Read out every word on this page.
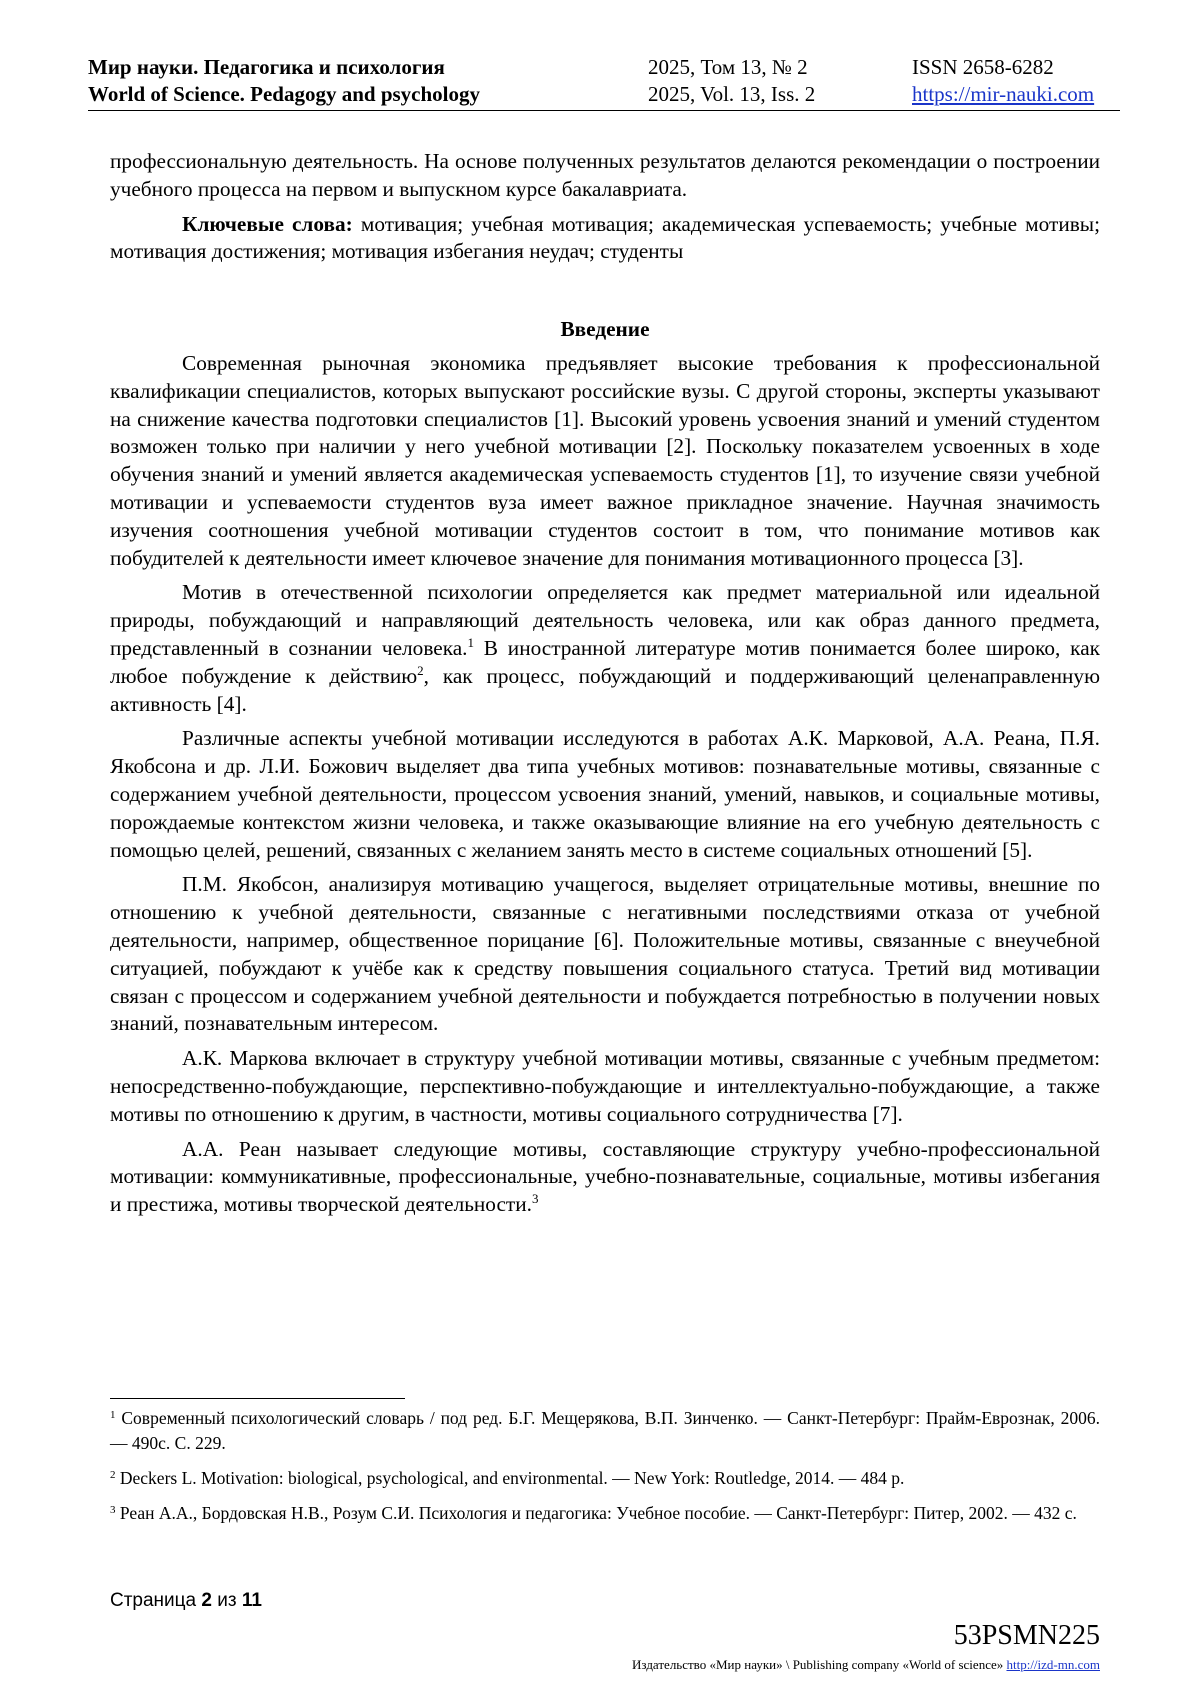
Мир науки. Педагогика и психология
World of Science. Pedagogy and psychology
2025, Том 13, № 2
2025, Vol. 13, Iss. 2
ISSN 2658-6282
https://mir-nauki.com

профессиональную деятельность. На основе полученных результатов делаются рекомендации о построении учебного процесса на первом и выпускном курсе бакалавриата.

Ключевые слова: мотивация; учебная мотивация; академическая успеваемость; учебные мотивы; мотивация достижения; мотивация избегания неудач; студенты

Введение

Современная рыночная экономика предъявляет высокие требования к профессиональной квалификации специалистов, которых выпускают российские вузы. С другой стороны, эксперты указывают на снижение качества подготовки специалистов [1]. Высокий уровень усвоения знаний и умений студентом возможен только при наличии у него учебной мотивации [2]. Поскольку показателем усвоенных в ходе обучения знаний и умений является академическая успеваемость студентов [1], то изучение связи учебной мотивации и успеваемости студентов вуза имеет важное прикладное значение. Научная значимость изучения соотношения учебной мотивации студентов состоит в том, что понимание мотивов как побудителей к деятельности имеет ключевое значение для понимания мотивационного процесса [3].

Мотив в отечественной психологии определяется как предмет материальной или идеальной природы, побуждающий и направляющий деятельность человека, или как образ данного предмета, представленный в сознании человека.$^1$ В иностранной литературе мотив понимается более широко, как любое побуждение к действию$^2$, как процесс, побуждающий и поддерживающий целенаправленную активность [4].

Различные аспекты учебной мотивации исследуются в работах А.К. Марковой, А.А. Реана, П.Я. Якобсона и др. Л.И. Божович выделяет два типа учебных мотивов: познавательные мотивы, связанные с содержанием учебной деятельности, процессом усвоения знаний, умений, навыков, и социальные мотивы, порождаемые контекстом жизни человека, и также оказывающие влияние на его учебную деятельность с помощью целей, решений, связанных с желанием занять место в системе социальных отношений [5].

П.М. Якобсон, анализируя мотивацию учащегося, выделяет отрицательные мотивы, внешние по отношению к учебной деятельности, связанные с негативными последствиями отказа от учебной деятельности, например, общественное порицание [6]. Положительные мотивы, связанные с внеучебной ситуацией, побуждают к учёбе как к средству повышения социального статуса. Третий вид мотивации связан с процессом и содержанием учебной деятельности и побуждается потребностью в получении новых знаний, познавательным интересом.

А.К. Маркова включает в структуру учебной мотивации мотивы, связанные с учебным предметом: непосредственно-побуждающие, перспективно-побуждающие и интеллектуально-побуждающие, а также мотивы по отношению к другим, в частности, мотивы социального сотрудничества [7].

А.А. Реан называет следующие мотивы, составляющие структуру учебно-профессиональной мотивации: коммуникативные, профессиональные, учебно-познавательные, социальные, мотивы избегания и престижа, мотивы творческой деятельности.$^3$

$^1$ Современный психологический словарь / под ред. Б.Г. Мещерякова, В.П. Зинченко. — Санкт-Петербург: Прайм-Еврознак, 2006. — 490с. С. 229.

$^2$ Deckers L. Motivation: biological, psychological, and environmental. — New York: Routledge, 2014. — 484 p.

$^3$ Реан А.А., Бордовская Н.В., Розум С.И. Психология и педагогика: Учебное пособие. — Санкт-Петербург: Питер, 2002. — 432 с.

Страница 2 из 11
53PSMN225
Издательство «Мир науки» \ Publishing company «World of science» http://izd-mn.com
